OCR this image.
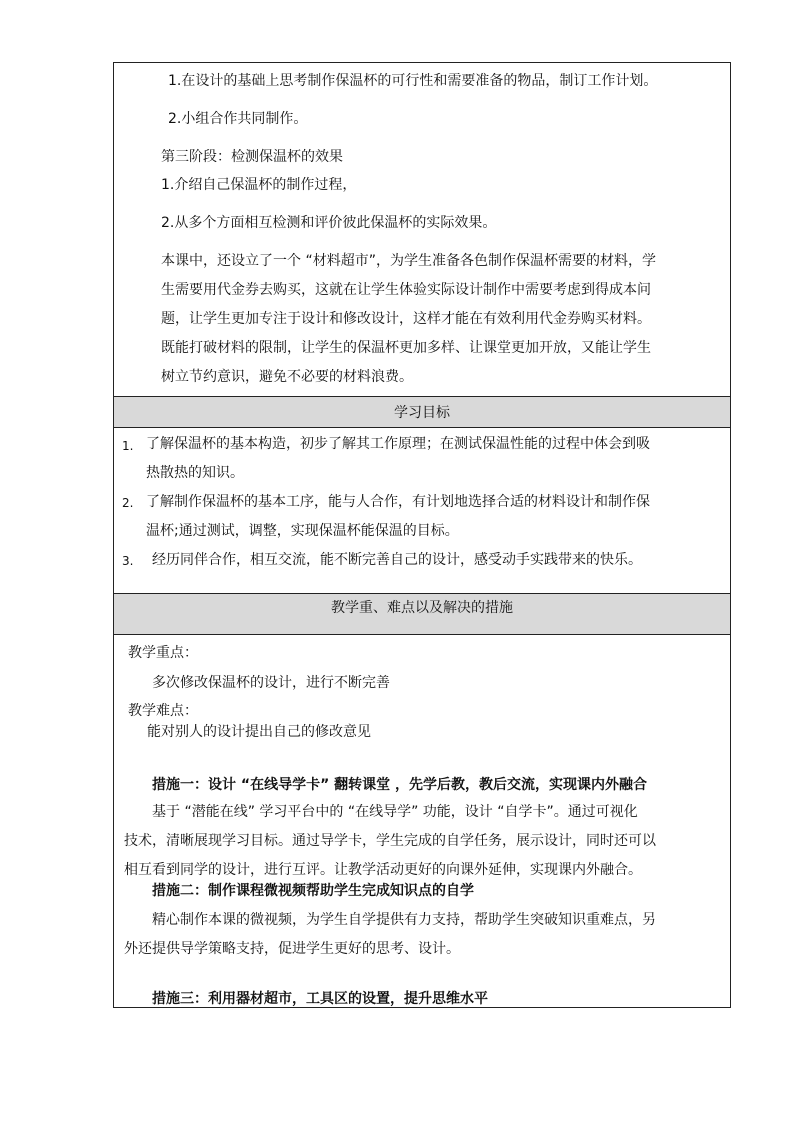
1.在设计的基础上思考制作保温杯的可行性和需要准备的物品，制订工作计划。
2.小组合作共同制作。
第三阶段：检测保温杯的效果
1.介绍自己保温杯的制作过程，
2.从多个方面相互检测和评价彼此保温杯的实际效果。
本课中，还设立了一个 “材料超市”，为学生准备各色制作保温杯需要的材料，学
生需要用代金券去购买，这就在让学生体验实际设计制作中需要考虑到得成本问
题，让学生更加专注于设计和修改设计，这样才能在有效利用代金券购买材料。
既能打破材料的限制，让学生的保温杯更加多样、让课堂更加开放，又能让学生
树立节约意识，避免不必要的材料浪费。
学习目标
1. 了解保温杯的基本构造，初步了解其工作原理；在测试保温性能的过程中体会到吸
热散热的知识。
2. 了解制作保温杯的基本工序，能与人合作，有计划地选择合适的材料设计和制作保
温杯;通过测试，调整，实现保温杯能保温的目标。
3. 经历同伴合作，相互交流，能不断完善自己的设计，感受动手实践带来的快乐。
教学重、难点以及解决的措施
教学重点：
多次修改保温杯的设计，进行不断完善
教学难点：
能对别人的设计提出自己的修改意见
措施一：设计 “在线导学卡” 翻转课堂 ，先学后教，教后交流，实现课内外融合
基于 “潜能在线” 学习平台中的 “在线导学” 功能，设计 “自学卡”。通过可视化
技术，清晰展现学习目标。通过导学卡，学生完成的自学任务，展示设计，同时还可以
相互看到同学的设计，进行互评。让教学活动更好的向课外延伸，实现课内外融合。
措施二：制作课程微视频帮助学生完成知识点的自学
精心制作本课的微视频，为学生自学提供有力支持，帮助学生突破知识重难点，另
外还提供导学策略支持，促进学生更好的思考、设计。
措施三：利用器材超市，工具区的设置，提升思维水平
